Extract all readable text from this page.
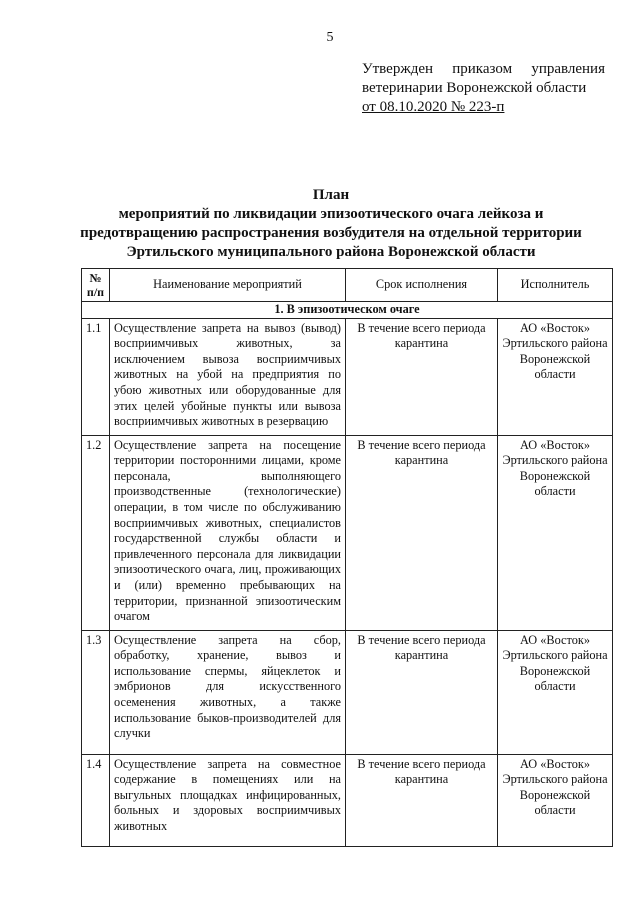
5
Утвержден приказом управления
ветеринарии Воронежской области
от 08.10.2020 № 223-п
План
мероприятий по ликвидации эпизоотического очага лейкоза и
предотвращению распространения возбудителя на отдельной территории
Эртильского муниципального района Воронежской области
№
п/п	Наименование мероприятий	Срок исполнения	Исполнитель
1. В эпизоотическом очаге			
1.1	Осуществление запрета на вывоз (вывод) восприимчивых животных, за исключением вывоза восприимчивых животных на убой на предприятия по убою животных или оборудованные для этих целей убойные пункты или вывоза восприимчивых животных в резервацию	В течение всего периода карантина	АО «Восток» Эртильского района Воронежской области
1.2	Осуществление запрета на посещение территории посторонними лицами, кроме персонала, выполняющего производственные (технологические) операции, в том числе по обслуживанию восприимчивых животных, специалистов государственной службы области и привлеченного персонала для ликвидации эпизоотического очага, лиц, проживающих и (или) временно пребывающих на территории, признанной эпизоотическим очагом	В течение всего периода карантина	АО «Восток» Эртильского района Воронежской области
1.3	Осуществление запрета на сбор, обработку, хранение, вывоз и использование спермы, яйцеклеток и эмбрионов для искусственного осеменения животных, а также использование быков-производителей для случки	В течение всего периода карантина	АО «Восток» Эртильского района Воронежской области
1.4	Осуществление запрета на совместное содержание в помещениях или на выгульных площадках инфицированных, больных и здоровых восприимчивых животных	В течение всего периода карантина	АО «Восток» Эртильского района Воронежской области
